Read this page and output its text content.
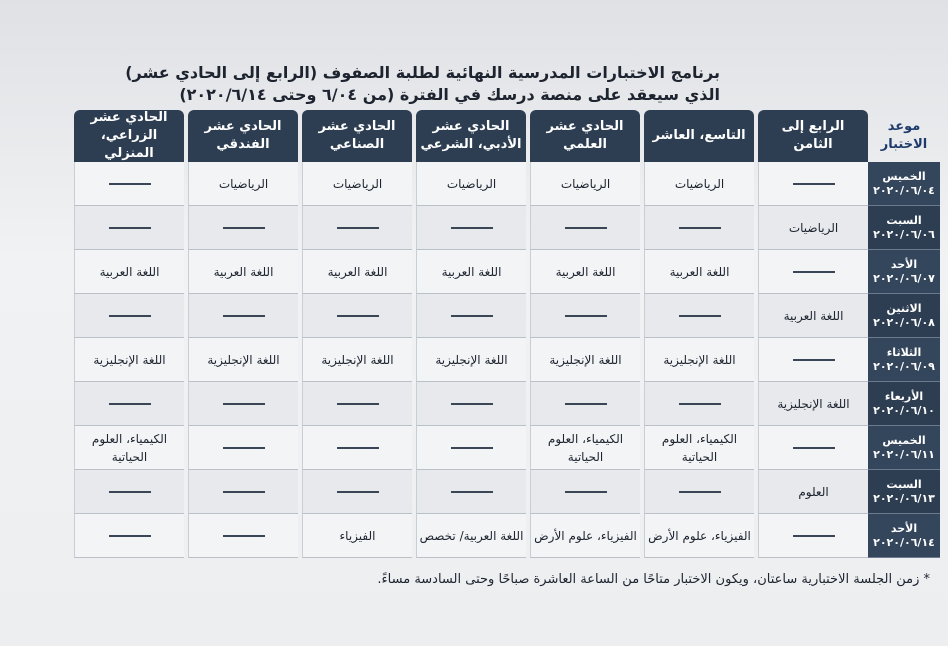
برنامج الاختبارات المدرسية النهائية لطلبة الصفوف (الرابع إلى الحادي عشر)
الذي سيعقد على منصة درسك في الفترة (من ٦/٠٤ وحتى ٢٠٢٠/٦/١٤)
موعد الاختبار
الرابع إلى الثامن
التاسع، العاشر
الحادي عشر العلمي
الحادي عشر الأدبي، الشرعي
الحادي عشر الصناعي
الحادي عشر الفندقي
الحادي عشر الزراعي، المنزلي
الخميس
٢٠٢٠/٠٦/٠٤
الرياضيات
الرياضيات
الرياضيات
الرياضيات
الرياضيات
السبت
٢٠٢٠/٠٦/٠٦
الرياضيات
الأحد
٢٠٢٠/٠٦/٠٧
اللغة العربية
اللغة العربية
اللغة العربية
اللغة العربية
اللغة العربية
اللغة العربية
الاثنين
٢٠٢٠/٠٦/٠٨
اللغة العربية
الثلاثاء
٢٠٢٠/٠٦/٠٩
اللغة الإنجليزية
اللغة الإنجليزية
اللغة الإنجليزية
اللغة الإنجليزية
اللغة الإنجليزية
اللغة الإنجليزية
الأربعاء
٢٠٢٠/٠٦/١٠
اللغة الإنجليزية
الخميس
٢٠٢٠/٠٦/١١
الكيمياء، العلوم الحياتية
الكيمياء، العلوم الحياتية
الكيمياء، العلوم الحياتية
السبت
٢٠٢٠/٠٦/١٣
العلوم
الأحد
٢٠٢٠/٠٦/١٤
الفيزياء، علوم الأرض
الفيزياء، علوم الأرض
اللغة العربية/ تخصص
الفيزياء
* زمن الجلسة الاختبارية ساعتان، ويكون الاختبار متاحًا من الساعة العاشرة صباحًا وحتى السادسة مساءً.
